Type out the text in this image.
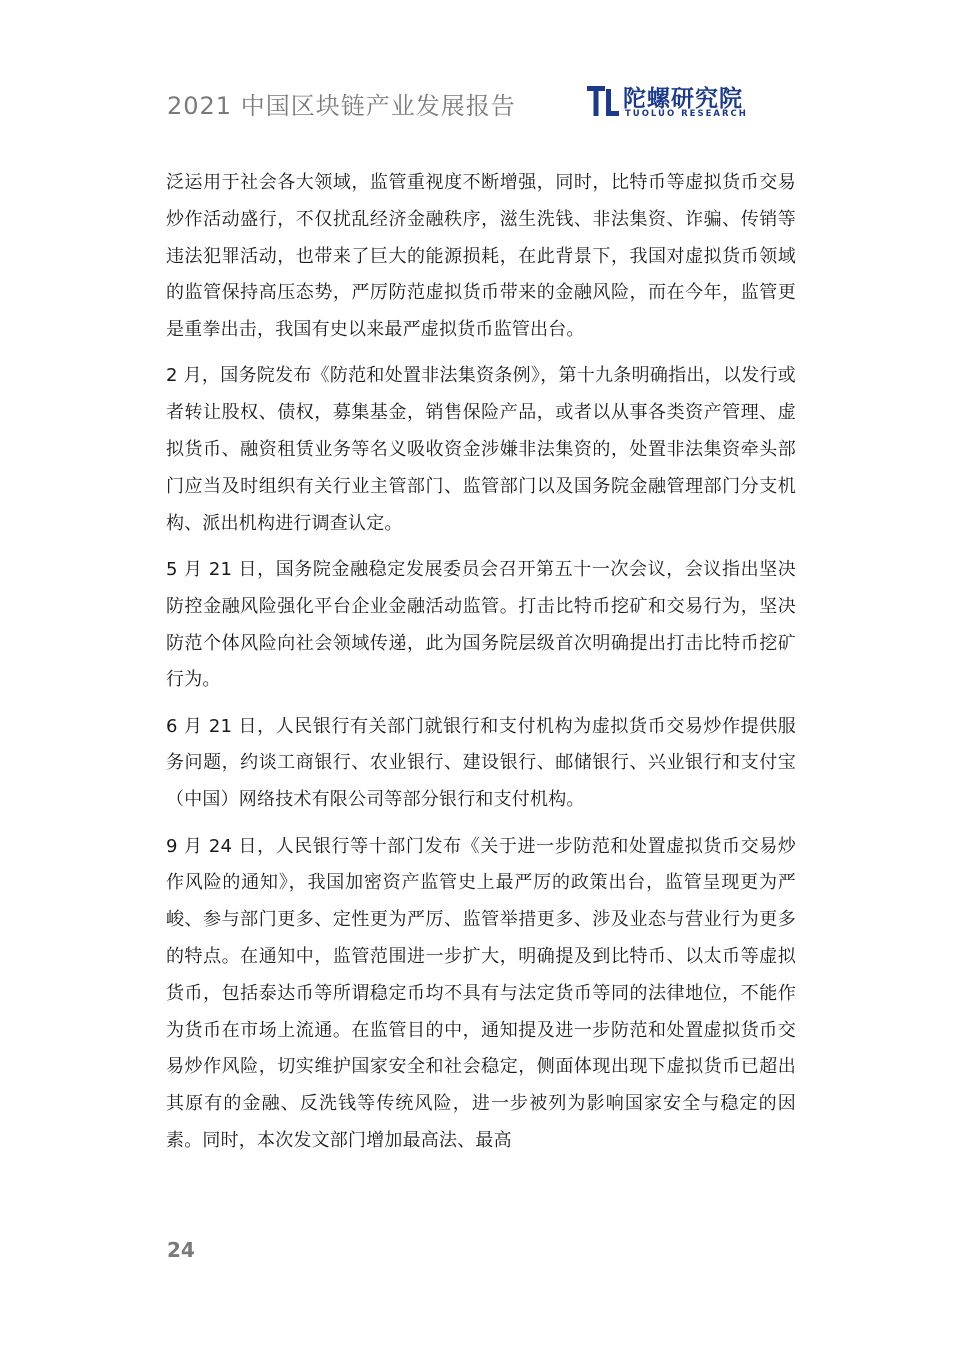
2021 中国区块链产业发展报告	陀螺研究院
TUOLUO RESEARCH

泛运用于社会各大领域，监管重视度不断增强，同时，比特币等虚拟货币交易炒作活动盛行，不仅扰乱经济金融秩序，滋生洗钱、非法集资、诈骗、传销等违法犯罪活动，也带来了巨大的能源损耗，在此背景下，我国对虚拟货币领域的监管保持高压态势，严厉防范虚拟货币带来的金融风险，而在今年，监管更是重拳出击，我国有史以来最严虚拟货币监管出台。

2 月，国务院发布《防范和处置非法集资条例》，第十九条明确指出，以发行或者转让股权、债权，募集基金，销售保险产品，或者以从事各类资产管理、虚拟货币、融资租赁业务等名义吸收资金涉嫌非法集资的，处置非法集资牵头部门应当及时组织有关行业主管部门、监管部门以及国务院金融管理部门分支机构、派出机构进行调查认定。

5 月 21 日，国务院金融稳定发展委员会召开第五十一次会议，会议指出坚决防控金融风险强化平台企业金融活动监管。打击比特币挖矿和交易行为，坚决防范个体风险向社会领域传递，此为国务院层级首次明确提出打击比特币挖矿行为。

6 月 21 日，人民银行有关部门就银行和支付机构为虚拟货币交易炒作提供服务问题，约谈工商银行、农业银行、建设银行、邮储银行、兴业银行和支付宝（中国）网络技术有限公司等部分银行和支付机构。

9 月 24 日，人民银行等十部门发布《关于进一步防范和处置虚拟货币交易炒作风险的通知》，我国加密资产监管史上最严厉的政策出台，监管呈现更为严峻、参与部门更多、定性更为严厉、监管举措更多、涉及业态与营业行为更多的特点。在通知中，监管范围进一步扩大，明确提及到比特币、以太币等虚拟货币，包括泰达币等所谓稳定币均不具有与法定货币等同的法律地位，不能作为货币在市场上流通。在监管目的中，通知提及进一步防范和处置虚拟货币交易炒作风险，切实维护国家安全和社会稳定，侧面体现出现下虚拟货币已超出其原有的金融、反洗钱等传统风险，进一步被列为影响国家安全与稳定的因素。同时，本次发文部门增加最高法、最高

24
